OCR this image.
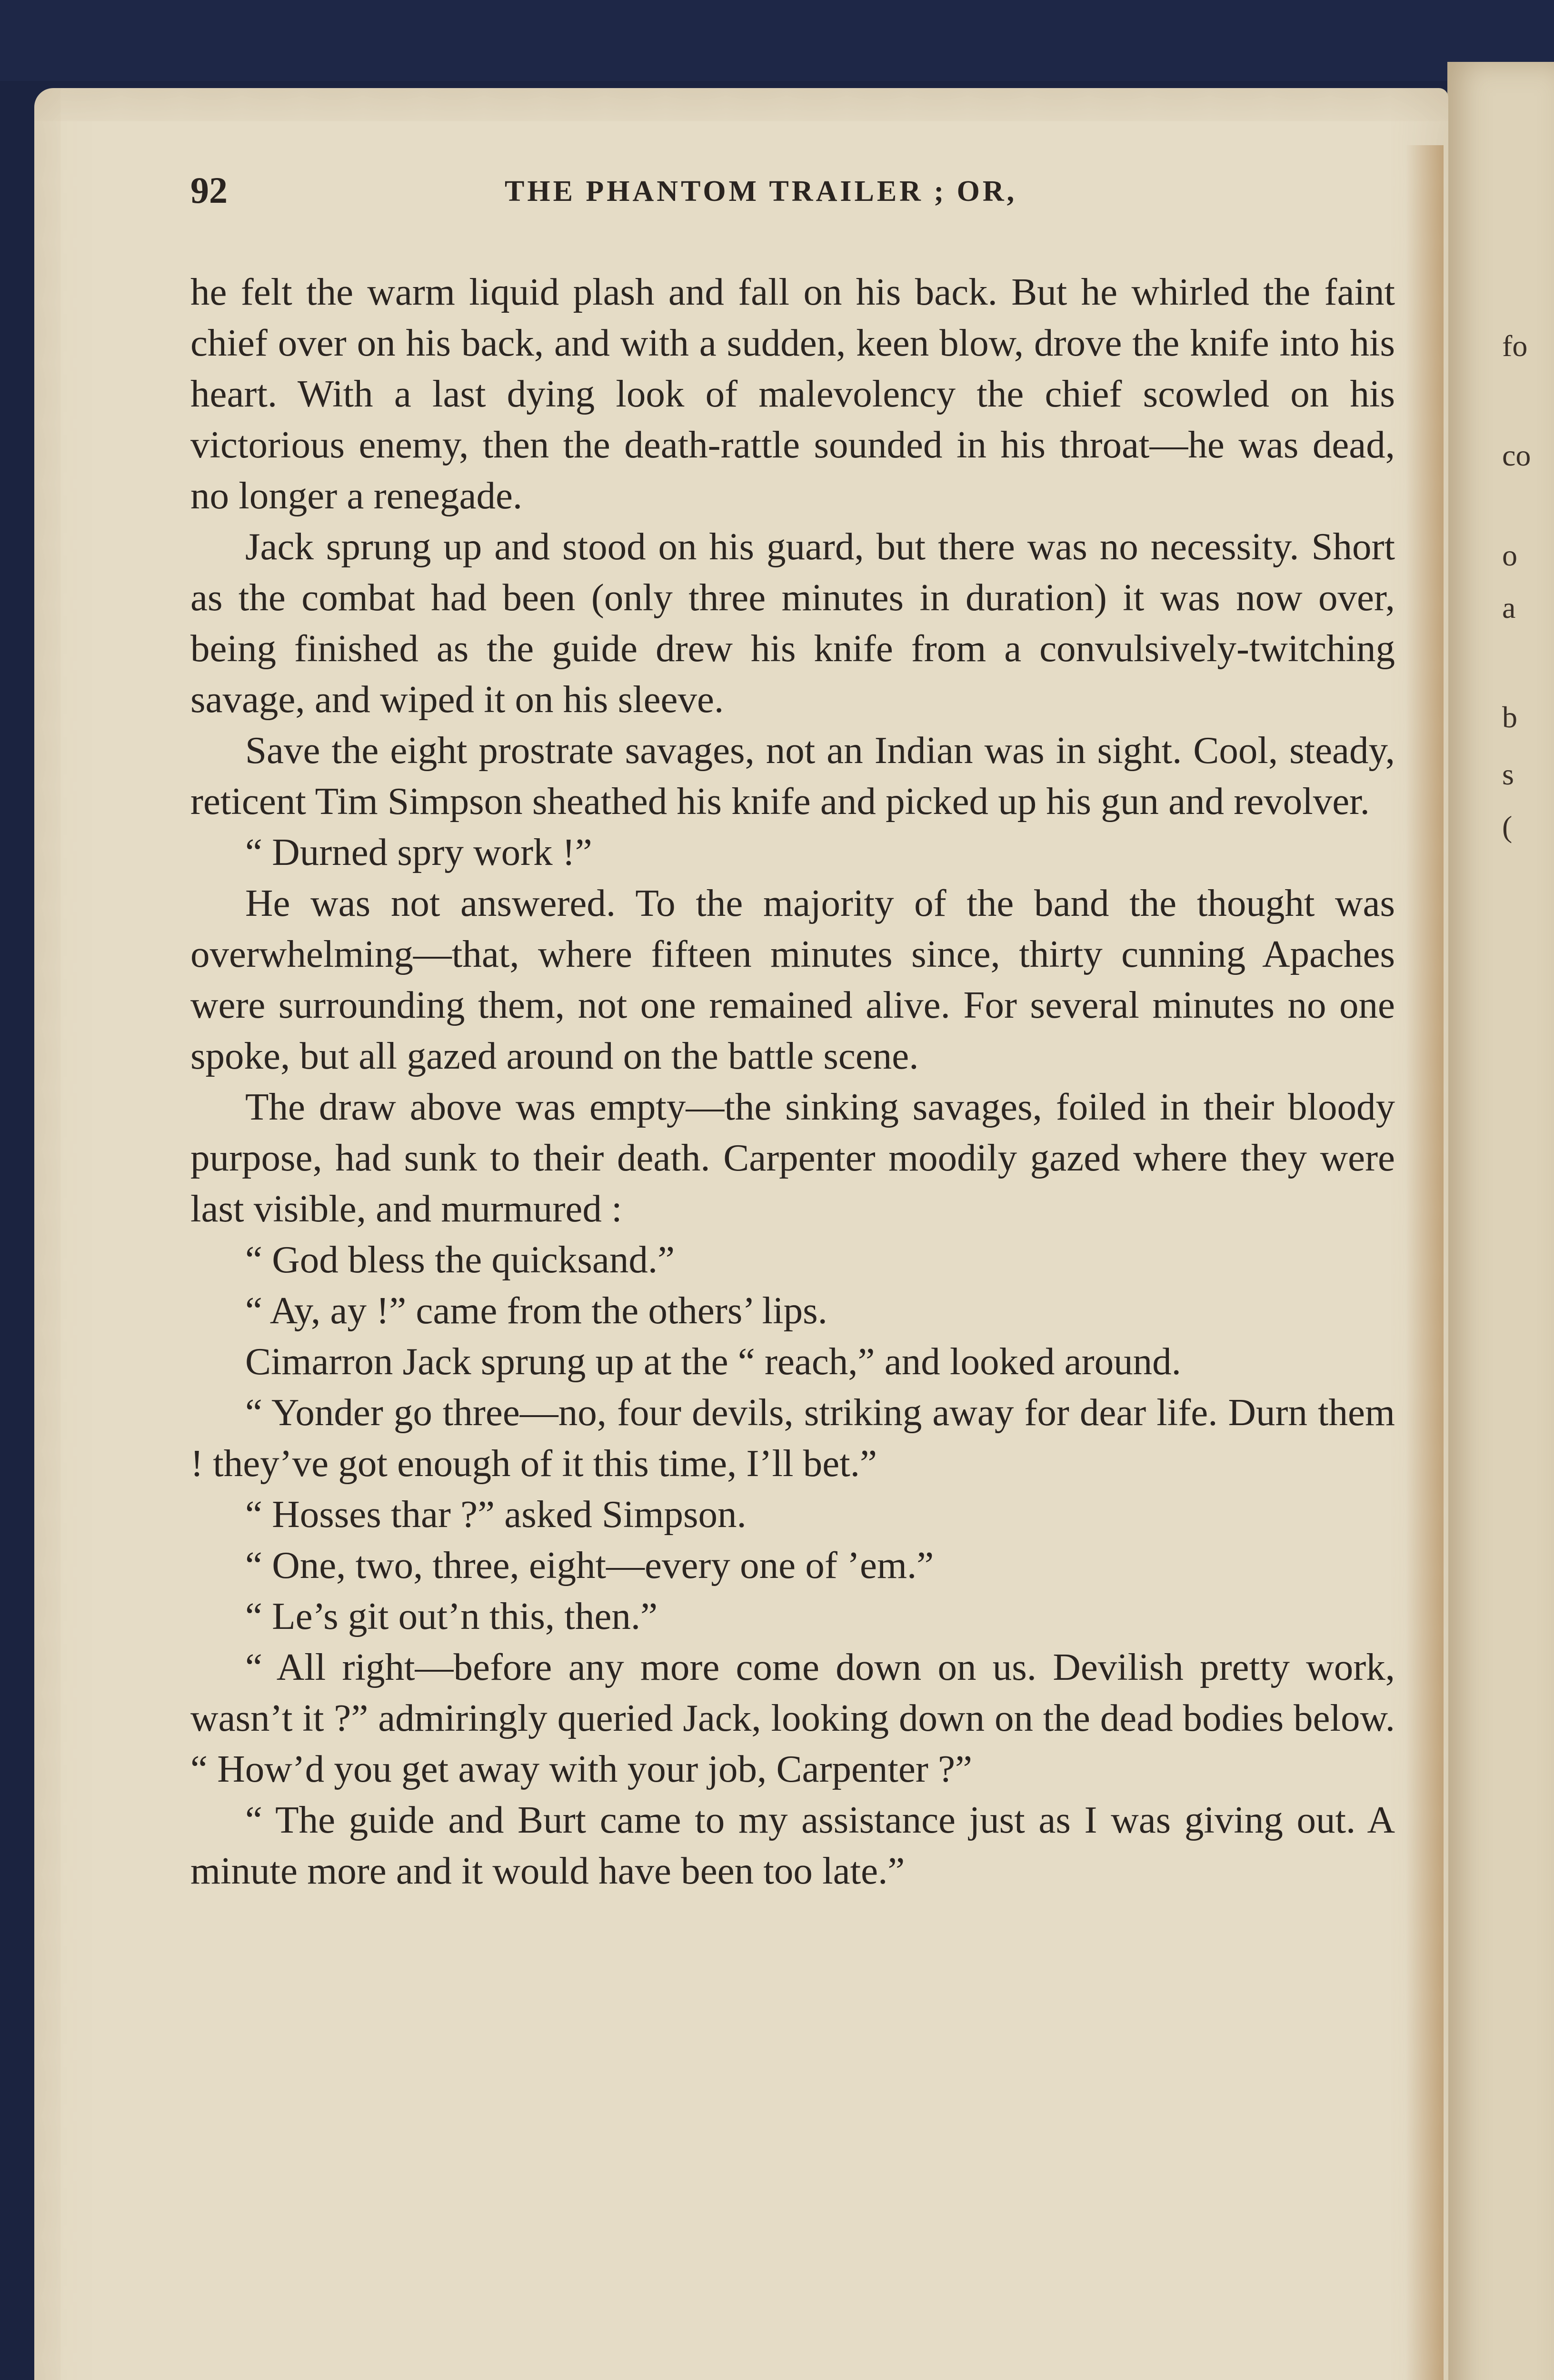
fo
co
o
a
b
s
(
92	THE PHANTOM TRAILER ; OR,

he felt the warm liquid plash and fall on his back. But he whirled the faint chief over on his back, and with a sudden, keen blow, drove the knife into his heart. With a last dying look of malevolency the chief scowled on his victorious enemy, then the death-rattle sounded in his throat—he was dead, no longer a renegade.

Jack sprung up and stood on his guard, but there was no necessity. Short as the combat had been (only three minutes in duration) it was now over, being finished as the guide drew his knife from a convulsively-twitching savage, and wiped it on his sleeve.

Save the eight prostrate savages, not an Indian was in sight. Cool, steady, reticent Tim Simpson sheathed his knife and picked up his gun and revolver.

“ Durned spry work !”

He was not answered. To the majority of the band the thought was overwhelming—that, where fifteen minutes since, thirty cunning Apaches were surrounding them, not one remained alive. For several minutes no one spoke, but all gazed around on the battle scene.

The draw above was empty—the sinking savages, foiled in their bloody purpose, had sunk to their death. Carpenter moodily gazed where they were last visible, and murmured :

“ God bless the quicksand.”

“ Ay, ay !” came from the others’ lips.

Cimarron Jack sprung up at the “ reach,” and looked around.

“ Yonder go three—no, four devils, striking away for dear life. Durn them ! they’ve got enough of it this time, I’ll bet.”

“ Hosses thar ?” asked Simpson.

“ One, two, three, eight—every one of ’em.”

“ Le’s git out’n this, then.”

“ All right—before any more come down on us. Devilish pretty work, wasn’t it ?” admiringly queried Jack, looking down on the dead bodies below. “ How’d you get away with your job, Carpenter ?”

“ The guide and Burt came to my assistance just as I was giving out. A minute more and it would have been too late.”
